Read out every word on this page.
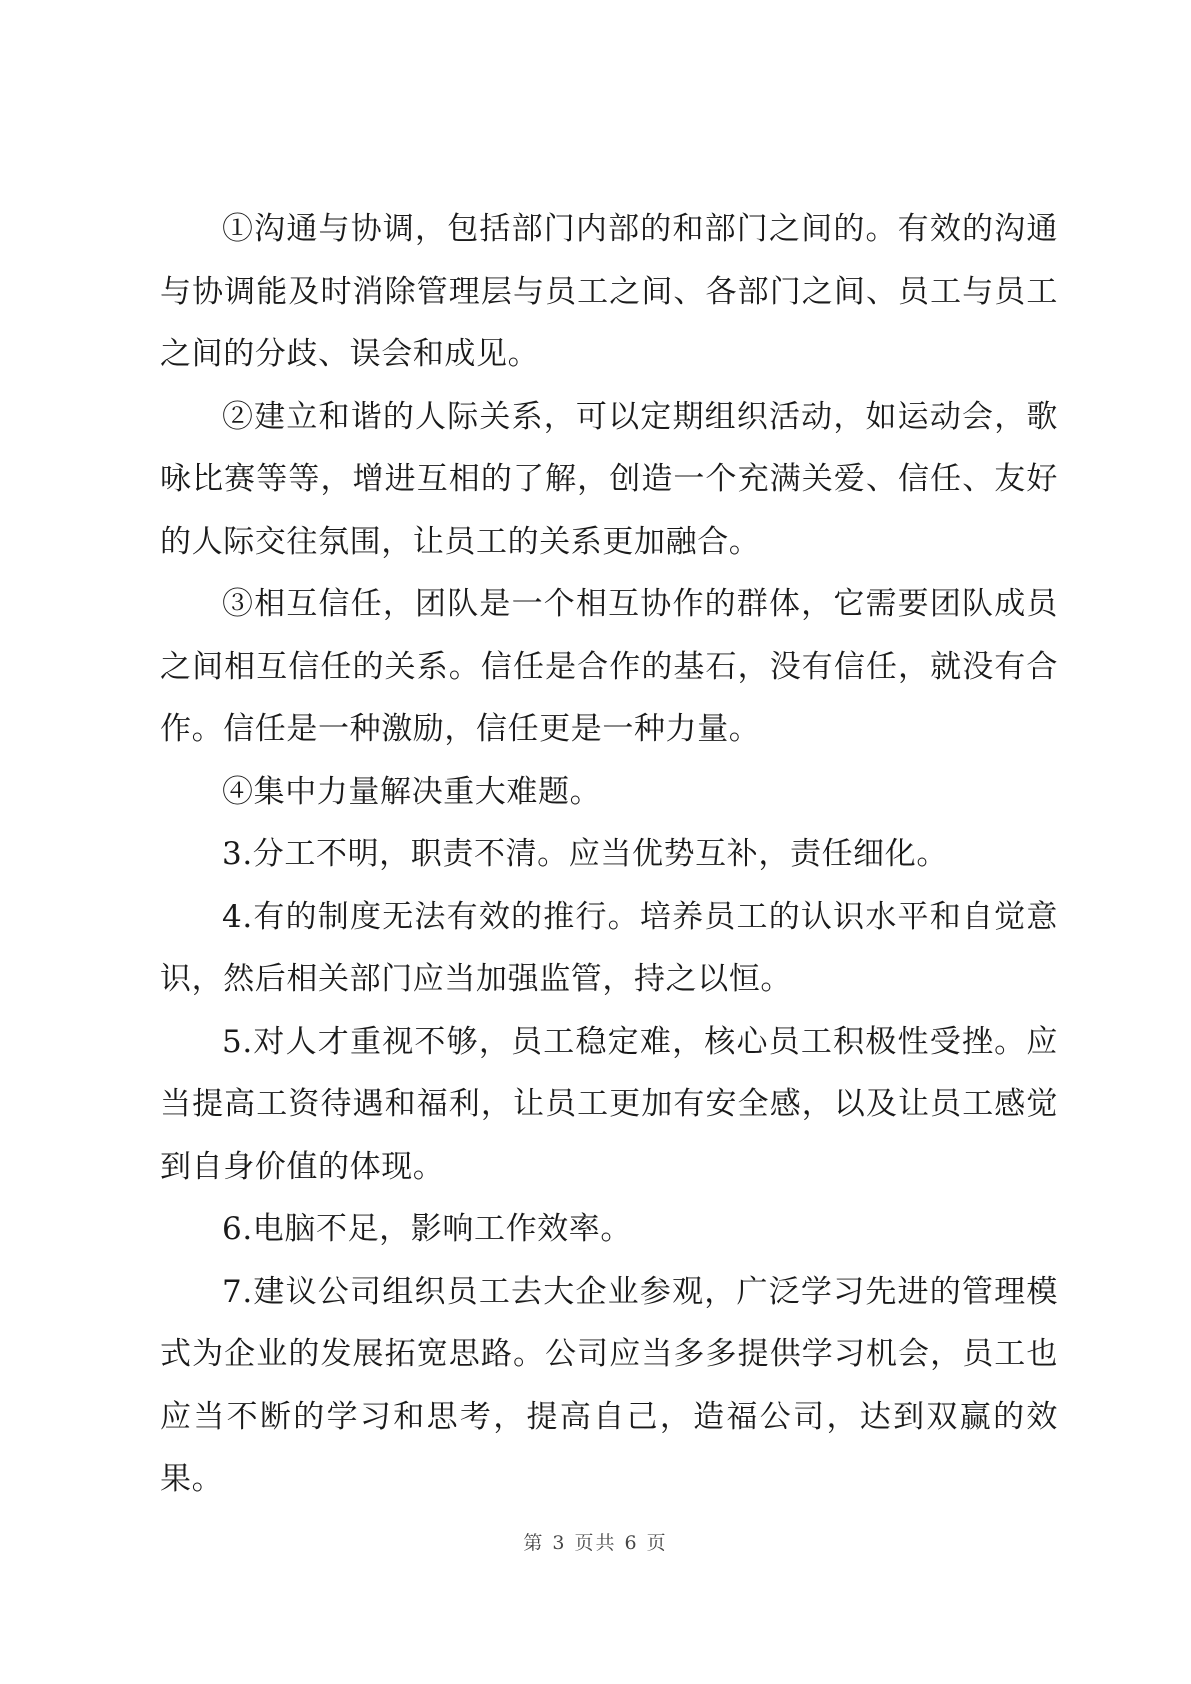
①沟通与协调，包括部门内部的和部门之间的。有效的沟通与协调能及时消除管理层与员工之间、各部门之间、员工与员工之间的分歧、误会和成见。

②建立和谐的人际关系，可以定期组织活动，如运动会，歌咏比赛等等，增进互相的了解，创造一个充满关爱、信任、友好的人际交往氛围，让员工的关系更加融合。

③相互信任，团队是一个相互协作的群体，它需要团队成员之间相互信任的关系。信任是合作的基石，没有信任，就没有合作。信任是一种激励，信任更是一种力量。

④集中力量解决重大难题。

3.分工不明，职责不清。应当优势互补，责任细化。

4.有的制度无法有效的推行。培养员工的认识水平和自觉意识，然后相关部门应当加强监管，持之以恒。

5.对人才重视不够，员工稳定难，核心员工积极性受挫。应当提高工资待遇和福利，让员工更加有安全感，以及让员工感觉到自身价值的体现。

6.电脑不足，影响工作效率。

7.建议公司组织员工去大企业参观，广泛学习先进的管理模式为企业的发展拓宽思路。公司应当多多提供学习机会，员工也应当不断的学习和思考，提高自己，造福公司，达到双赢的效果。

第 3 页共 6 页
